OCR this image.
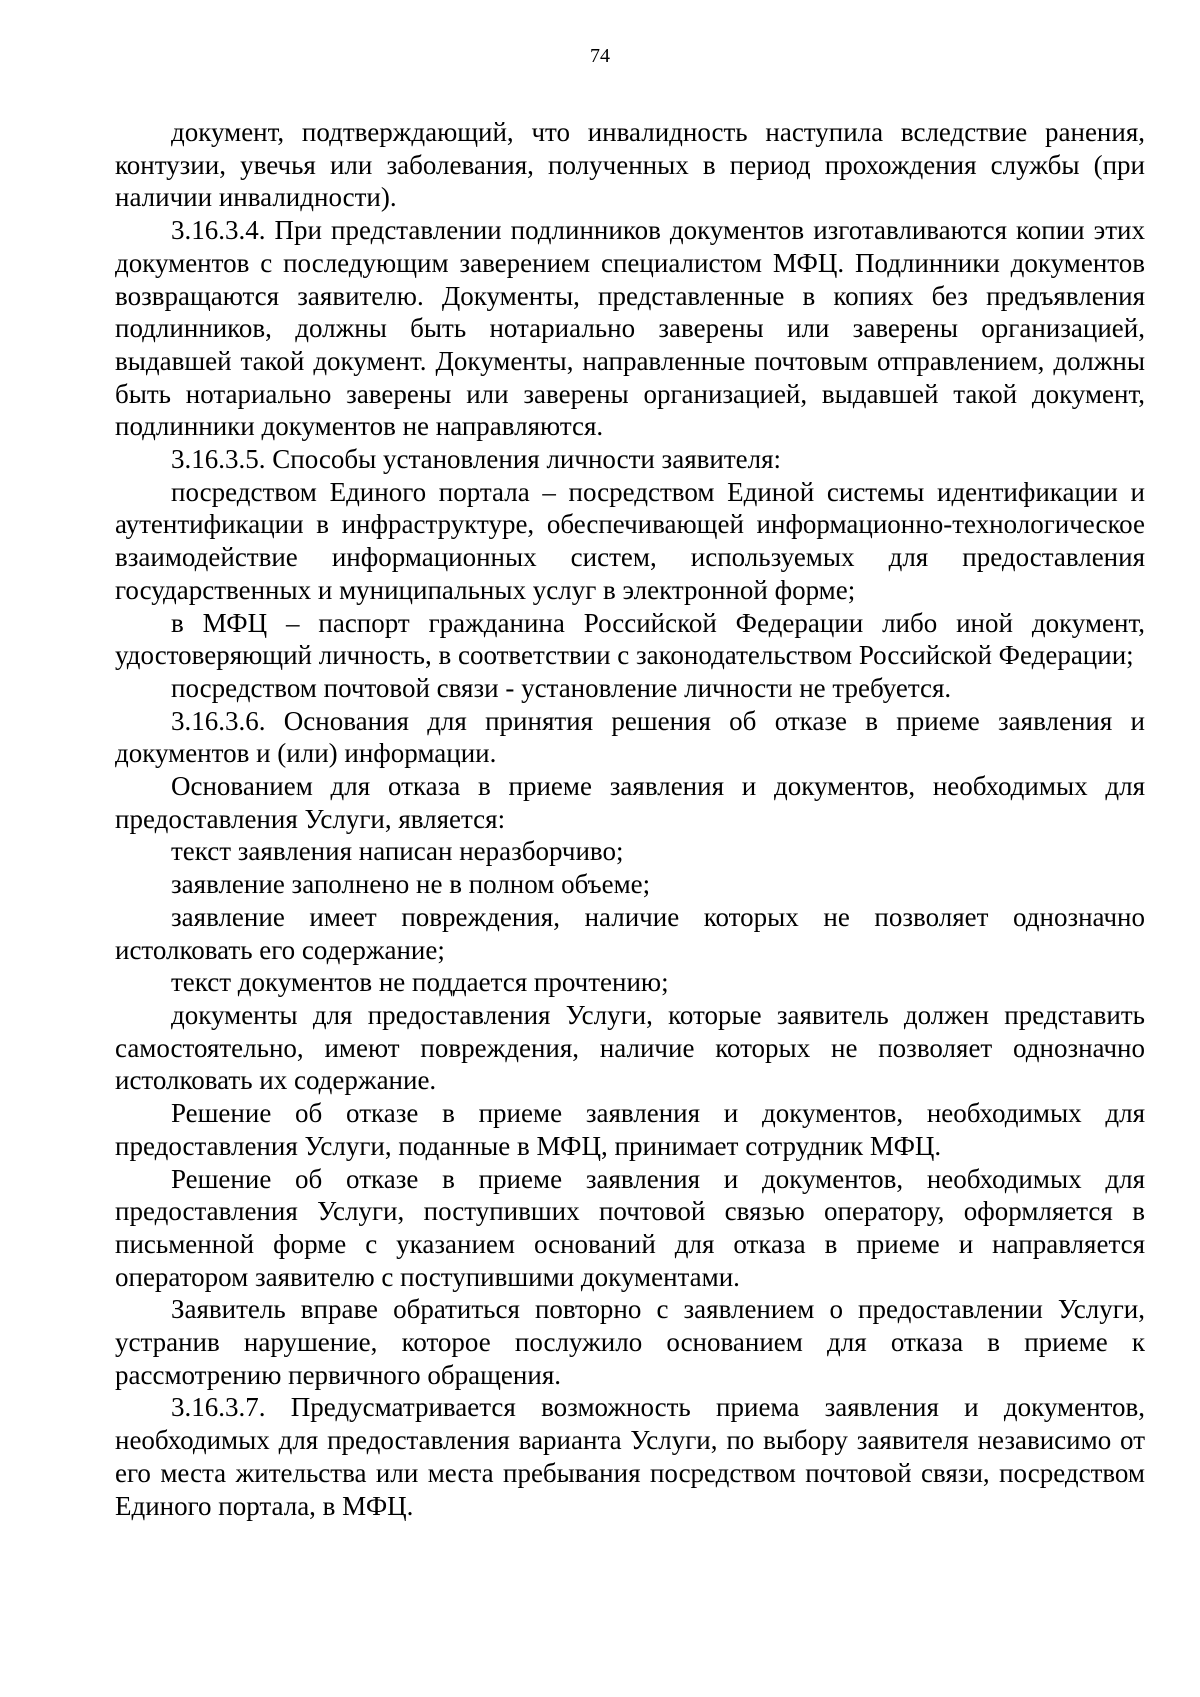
74

документ, подтверждающий, что инвалидность наступила вследствие ранения, контузии, увечья или заболевания, полученных в период прохождения службы (при наличии инвалидности).

3.16.3.4. При представлении подлинников документов изготавливаются копии этих документов с последующим заверением специалистом МФЦ. Подлинники документов возвращаются заявителю. Документы, представленные в копиях без предъявления подлинников, должны быть нотариально заверены или заверены организацией, выдавшей такой документ. Документы, направленные почтовым отправлением, должны быть нотариально заверены или заверены организацией, выдавшей такой документ, подлинники документов не направляются.

3.16.3.5. Способы установления личности заявителя:

посредством Единого портала – посредством Единой системы идентификации и аутентификации в инфраструктуре, обеспечивающей информационно-технологическое взаимодействие информационных систем, используемых для предоставления государственных и муниципальных услуг в электронной форме;

в МФЦ – паспорт гражданина Российской Федерации либо иной документ, удостоверяющий личность, в соответствии с законодательством Российской Федерации;

посредством почтовой связи - установление личности не требуется.

3.16.3.6. Основания для принятия решения об отказе в приеме заявления и документов и (или) информации.

Основанием для отказа в приеме заявления и документов, необходимых для предоставления Услуги, является:

текст заявления написан неразборчиво;

заявление заполнено не в полном объеме;

заявление имеет повреждения, наличие которых не позволяет однозначно истолковать его содержание;

текст документов не поддается прочтению;

документы для предоставления Услуги, которые заявитель должен представить самостоятельно, имеют повреждения, наличие которых не позволяет однозначно истолковать их содержание.

Решение об отказе в приеме заявления и документов, необходимых для предоставления Услуги, поданные в МФЦ, принимает сотрудник МФЦ.

Решение об отказе в приеме заявления и документов, необходимых для предоставления Услуги, поступивших почтовой связью оператору, оформляется в письменной форме с указанием оснований для отказа в приеме и направляется оператором заявителю с поступившими документами.

Заявитель вправе обратиться повторно с заявлением о предоставлении Услуги, устранив нарушение, которое послужило основанием для отказа в приеме к рассмотрению первичного обращения.

3.16.3.7. Предусматривается возможность приема заявления и документов, необходимых для предоставления варианта Услуги, по выбору заявителя независимо от его места жительства или места пребывания посредством почтовой связи, посредством Единого портала, в МФЦ.
